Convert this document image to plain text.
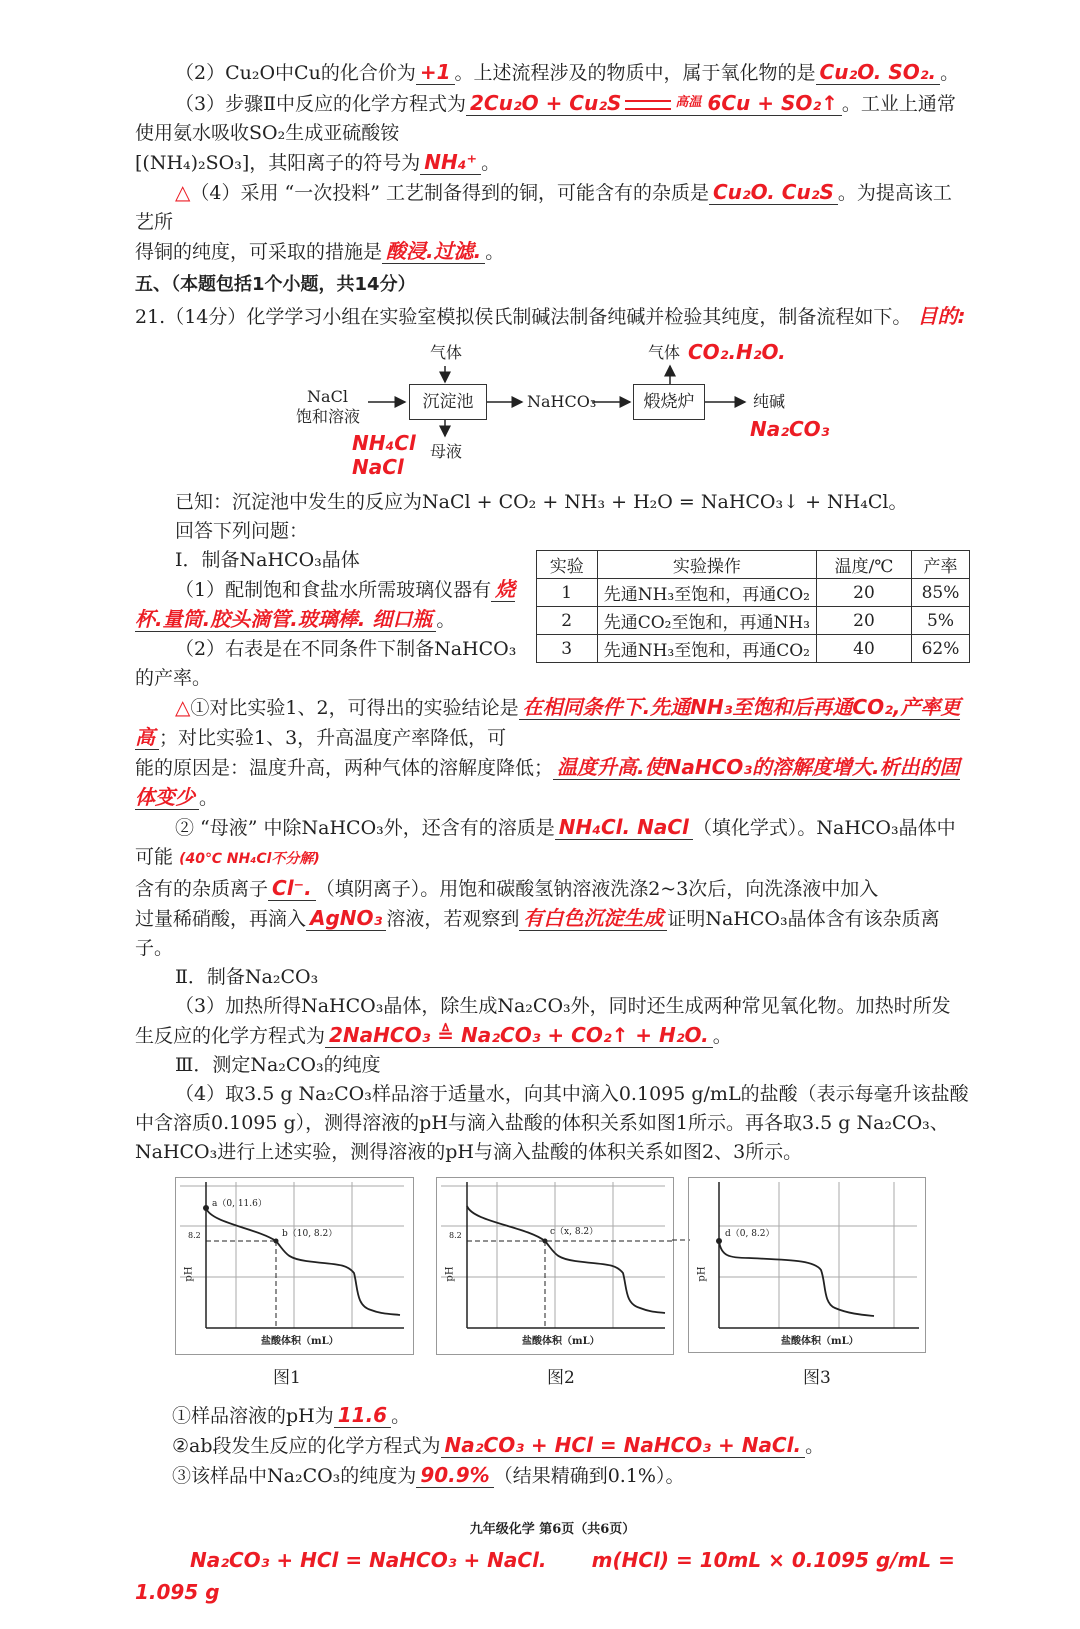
（2）Cu₂O中Cu的化合价为 +1 。上述流程涉及的物质中，属于氧化物的是 Cu₂O. SO₂. 。
（3）步骤Ⅱ中反应的化学方程式为 2Cu₂O + Cu₂S	$^{高温}$ 6Cu + SO₂↑ 。工业上通常使用氨水吸收SO₂生成亚硫酸铵
[(NH₄)₂SO₃]，其阳离子的符号为 NH₄⁺ 。
△（4）采用 “一次投料” 工艺制备得到的铜，可能含有的杂质是 Cu₂O. Cu₂S 。为提高该工艺所
得铜的纯度，可采取的措施是 酸浸.过滤. 。
五、（本题包括1个小题，共14分）
21.（14分）化学学习小组在实验室模拟侯氏制碱法制备纯碱并检验其纯度，制备流程如下。 目的:
气体
NaCl
饱和溶液
沉淀池	NaHCO₃	煅烧炉
气体 CO₂.H₂O.
纯碱
Na₂CO₃
母液
NH₄Cl
NaCl
已知：沉淀池中发生的反应为NaCl + CO₂ + NH₃ + H₂O = NaHCO₃↓ + NH₄Cl。
回答下列问题：
实验	实验操作	温度/℃	产率
1	先通NH₃至饱和，再通CO₂	20	85%
2	先通CO₂至饱和，再通NH₃	20	5%
3	先通NH₃至饱和，再通CO₂	40	62%
Ⅰ．制备NaHCO₃晶体
（1）配制饱和食盐水所需玻璃仪器有 烧杯.量筒.胶头滴管.玻璃棒. 细口瓶 。
（2）右表是在不同条件下制备NaHCO₃
的产率。
△①对比实验1、2，可得出的实验结论是 在相同条件下.先通NH₃至饱和后再通CO₂,产率更高 ；对比实验1、3，升高温度产率降低，可
能的原因是：温度升高，两种气体的溶解度降低； 温度升高.使NaHCO₃的溶解度增大.析出的固体变少 。
② “母液” 中除NaHCO₃外，还含有的溶质是 NH₄Cl. NaCl （填化学式）。NaHCO₃晶体中可能 (40℃ NH₄Cl不分解)
含有的杂质离子 Cl⁻. （填阴离子）。用饱和碳酸氢钠溶液洗涤2~3次后，向洗涤液中加入
过量稀硝酸，再滴入 AgNO₃ 溶液，若观察到 有白色沉淀生成 证明NaHCO₃晶体含有该杂质离子。
Ⅱ．制备Na₂CO₃
（3）加热所得NaHCO₃晶体，除生成Na₂CO₃外，同时还生成两种常见氧化物。加热时所发
生反应的化学方程式为 2NaHCO₃ ≜ Na₂CO₃ + CO₂↑ + H₂O. 。
Ⅲ．测定Na₂CO₃的纯度
（4）取3.5 g Na₂CO₃样品溶于适量水，向其中滴入0.1095 g/mL的盐酸（表示每毫升该盐酸
中含溶质0.1095 g），测得溶液的pH与滴入盐酸的体积关系如图1所示。再各取3.5 g Na₂CO₃、
NaHCO₃进行上述实验，测得溶液的pH与滴入盐酸的体积关系如图2、3所示。
a（0, 11.6）
b（10, 8.2）
8.2
pH
盐酸体积（mL）
c（x, 8.2）
8.2
pH
盐酸体积（mL）
d（0, 8.2）
pH
盐酸体积（mL）
图1	图2	图3
①样品溶液的pH为 11.6 。
②ab段发生反应的化学方程式为 Na₂CO₃ + HCl = NaHCO₃ + NaCl. 。
③该样品中Na₂CO₃的纯度为 90.9% （结果精确到0.1%）。
九年级化学 第6页（共6页）
Na₂CO₃ + HCl = NaHCO₃ + NaCl. m(HCl) = 10mL × 0.1095 g/mL = 1.095 g
